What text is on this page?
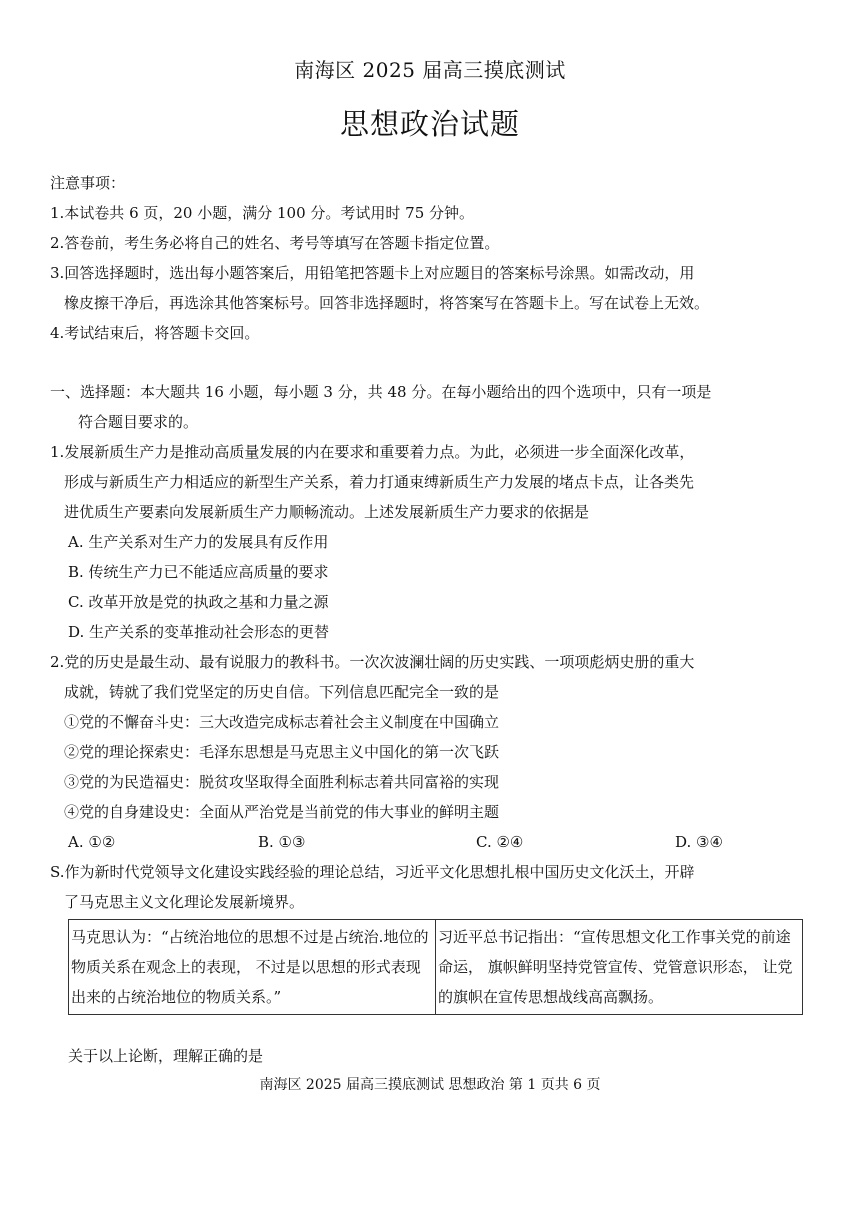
南海区 2025 届高三摸底测试
思想政治试题
注意事项：
1.本试卷共 6 页，20 小题，满分 100 分。考试用时 75 分钟。
2.答卷前，考生务必将自己的姓名、考号等填写在答题卡指定位置。
3.回答选择题时，选出每小题答案后，用铅笔把答题卡上对应题目的答案标号涂黑。如需改动，用
橡皮擦干净后，再选涂其他答案标号。回答非选择题时，将答案写在答题卡上。写在试卷上无效。
4.考试结束后，将答题卡交回。
一、选择题：本大题共 16 小题，每小题 3 分，共 48 分。在每小题给出的四个选项中，只有一项是
符合题目要求的。
1.发展新质生产力是推动高质量发展的内在要求和重要着力点。为此，必须进一步全面深化改革，
形成与新质生产力相适应的新型生产关系，着力打通束缚新质生产力发展的堵点卡点，让各类先
进优质生产要素向发展新质生产力顺畅流动。上述发展新质生产力要求的依据是
A. 生产关系对生产力的发展具有反作用
B. 传统生产力已不能适应高质量的要求
C. 改革开放是党的执政之基和力量之源
D. 生产关系的变革推动社会形态的更替
2.党的历史是最生动、最有说服力的教科书。一次次波澜壮阔的历史实践、一项项彪炳史册的重大
成就，铸就了我们党坚定的历史自信。下列信息匹配完全一致的是
①党的不懈奋斗史：三大改造完成标志着社会主义制度在中国确立
②党的理论探索史：毛泽东思想是马克思主义中国化的第一次飞跃
③党的为民造福史：脱贫攻坚取得全面胜利标志着共同富裕的实现
④党的自身建设史：全面从严治党是当前党的伟大事业的鲜明主题
A. ①②	B. ①③	C. ②④	D. ③④
S.作为新时代党领导文化建设实践经验的理论总结，习近平文化思想扎根中国历史文化沃土，开辟
了马克思主义文化理论发展新境界。
马克思认为：“占统治地位的思想不过是占统治.地位的物质关系在观念上的表现， 不过是以思想的形式表现出来的占统治地位的物质关系。”	习近平总书记指出：“宣传思想文化工作事关党的前途命运， 旗帜鲜明坚持党管宣传、党管意识形态， 让党的旗帜在宣传思想战线高高飘扬。
关于以上论断，理解正确的是
南海区 2025 届高三摸底测试 思想政治 第 1 页共 6 页
